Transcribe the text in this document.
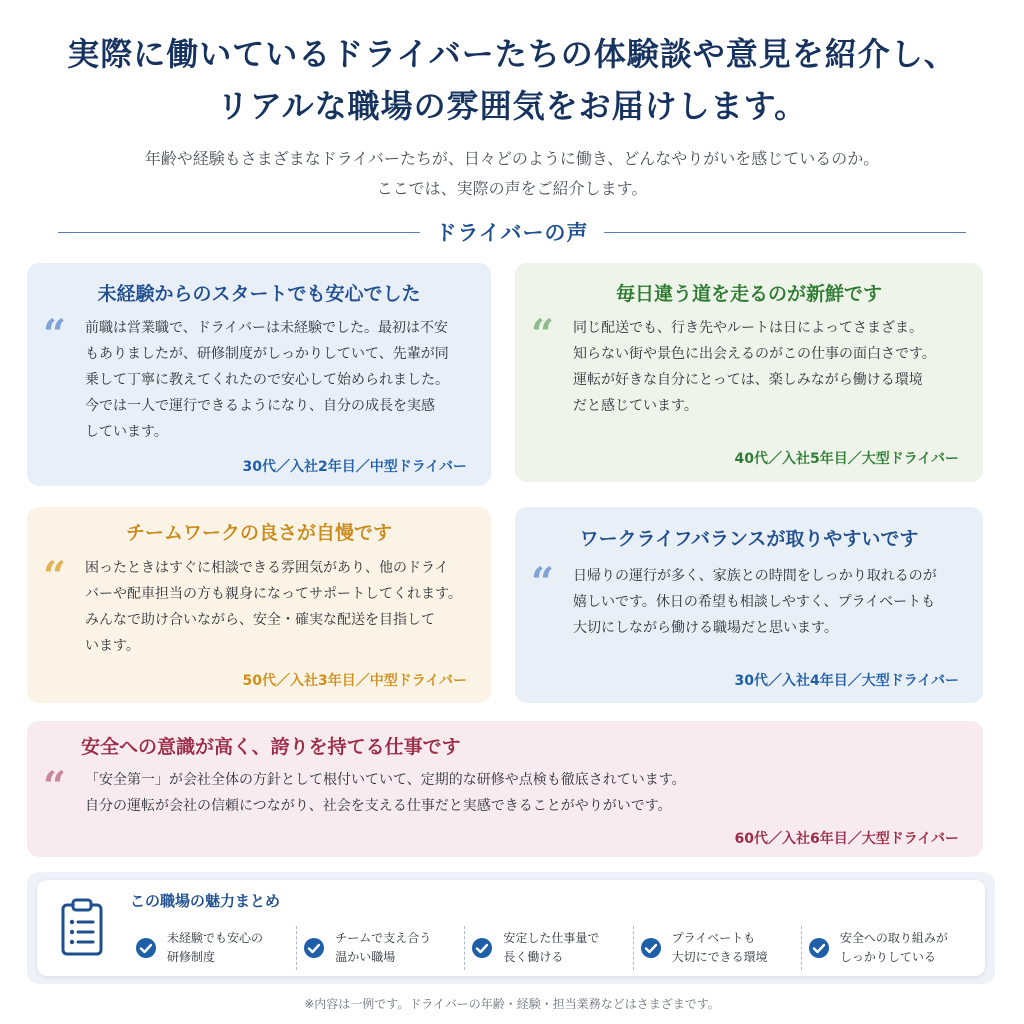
実際に働いているドライバーたちの体験談や意見を紹介し、
リアルな職場の雰囲気をお届けします。
年齢や経験もさまざまなドライバーたちが、日々どのように働き、どんなやりがいを感じているのか。
ここでは、実際の声をご紹介します。
ドライバーの声
未経験からのスタートでも安心でした
“ 前職は営業職で、ドライバーは未経験でした。最初は不安
もありましたが、研修制度がしっかりしていて、先輩が同
乗して丁寧に教えてくれたので安心して始められました。
今では一人で運行できるようになり、自分の成長を実感
しています。
30代／入社2年目／中型ドライバー
毎日違う道を走るのが新鮮です
“ 同じ配送でも、行き先やルートは日によってさまざま。
知らない街や景色に出会えるのがこの仕事の面白さです。
運転が好きな自分にとっては、楽しみながら働ける環境
だと感じています。
40代／入社5年目／大型ドライバー
チームワークの良さが自慢です
“ 困ったときはすぐに相談できる雰囲気があり、他のドライ
バーや配車担当の方も親身になってサポートしてくれます。
みんなで助け合いながら、安全・確実な配送を目指して
います。
50代／入社3年目／中型ドライバー
ワークライフバランスが取りやすいです
“ 日帰りの運行が多く、家族との時間をしっかり取れるのが
嬉しいです。休日の希望も相談しやすく、プライベートも
大切にしながら働ける職場だと思います。
30代／入社4年目／大型ドライバー
安全への意識が高く、誇りを持てる仕事です
“ 「安全第一」が会社全体の方針として根付いていて、定期的な研修や点検も徹底されています。
自分の運転が会社の信頼につながり、社会を支える仕事だと実感できることがやりがいです。
60代／入社6年目／大型ドライバー
この職場の魅力まとめ
未経験でも安心の
研修制度
チームで支え合う
温かい職場
安定した仕事量で
長く働ける
プライベートも
大切にできる環境
安全への取り組みが
しっかりしている
※内容は一例です。ドライバーの年齢・経験・担当業務などはさまざまです。
